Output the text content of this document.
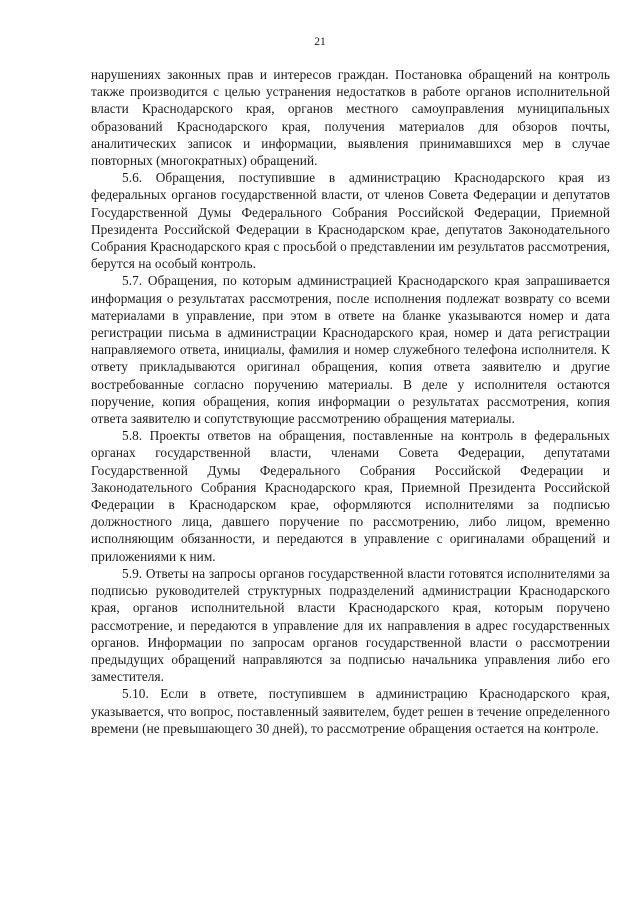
21

нарушениях законных прав и интересов граждан. Постановка обращений на контроль также производится с целью устранения недостатков в работе органов исполнительной власти Краснодарского края, органов местного самоуправления муниципальных образований Краснодарского края, получения материалов для обзоров почты, аналитических записок и информации, выявления принимавшихся мер в случае повторных (многократных) обращений.

5.6. Обращения, поступившие в администрацию Краснодарского края из федеральных органов государственной власти, от членов Совета Федерации и депутатов Государственной Думы Федерального Собрания Российской Федерации, Приемной Президента Российской Федерации в Краснодарском крае, депутатов Законодательного Собрания Краснодарского края с просьбой о представлении им результатов рассмотрения, берутся на особый контроль.

5.7. Обращения, по которым администрацией Краснодарского края запрашивается информация о результатах рассмотрения, после исполнения подлежат возврату со всеми материалами в управление, при этом в ответе на бланке указываются номер и дата регистрации письма в администрации Краснодарского края, номер и дата регистрации направляемого ответа, инициалы, фамилия и номер служебного телефона исполнителя. К ответу прикладываются оригинал обращения, копия ответа заявителю и другие востребованные согласно поручению материалы. В деле у исполнителя остаются поручение, копия обращения, копия информации о результатах рассмотрения, копия ответа заявителю и сопутствующие рассмотрению обращения материалы.

5.8. Проекты ответов на обращения, поставленные на контроль в федеральных органах государственной власти, членами Совета Федерации, депутатами Государственной Думы Федерального Собрания Российской Федерации и Законодательного Собрания Краснодарского края, Приемной Президента Российской Федерации в Краснодарском крае, оформляются исполнителями за подписью должностного лица, давшего поручение по рассмотрению, либо лицом, временно исполняющим обязанности, и передаются в управление с оригиналами обращений и приложениями к ним.

5.9. Ответы на запросы органов государственной власти готовятся исполнителями за подписью руководителей структурных подразделений администрации Краснодарского края, органов исполнительной власти Краснодарского края, которым поручено рассмотрение, и передаются в управление для их направления в адрес государственных органов. Информации по запросам органов государственной власти о рассмотрении предыдущих обращений направляются за подписью начальника управления либо его заместителя.

5.10. Если в ответе, поступившем в администрацию Краснодарского края, указывается, что вопрос, поставленный заявителем, будет решен в течение определенного времени (не превышающего 30 дней), то рассмотрение обращения остается на контроле.
